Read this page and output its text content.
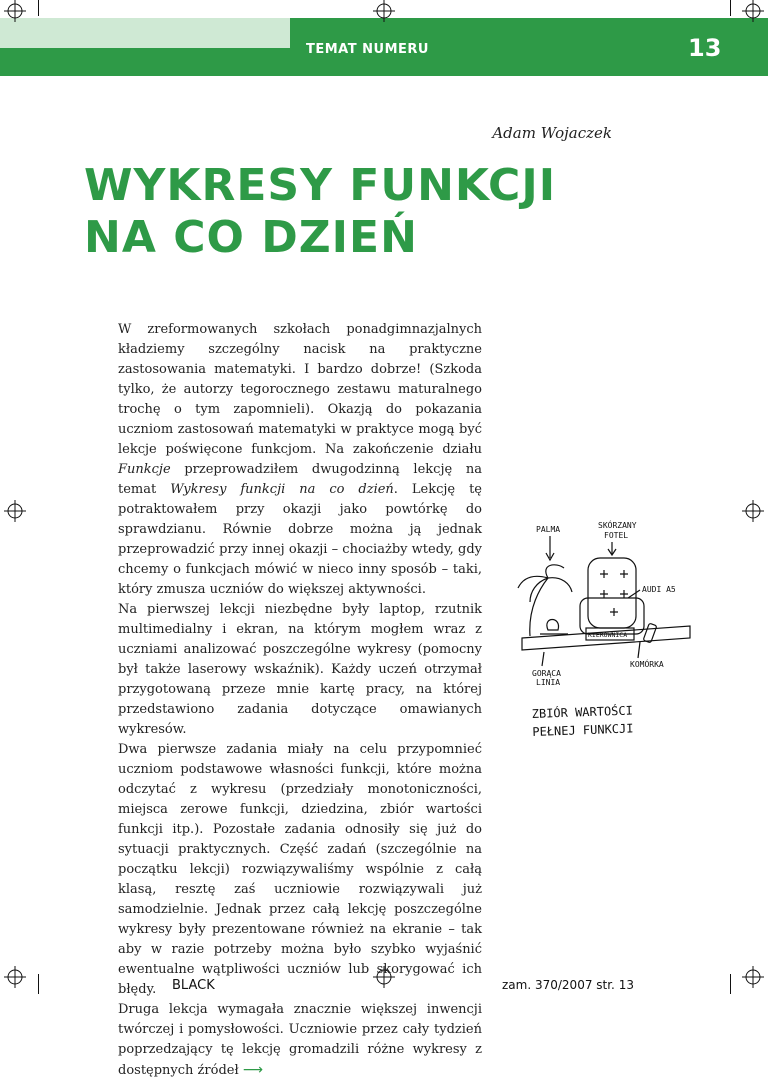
TEMAT NUMERU	13
Adam Wojaczek
WYKRESY FUNKCJI
NA CO DZIEŃ

W zreformowanych szkołach ponadgimnazjalnych kładziemy szczególny nacisk na praktyczne zastosowania matematyki. I bardzo dobrze! (Szkoda tylko, że autorzy tegorocznego zestawu maturalnego trochę o tym zapomnieli). Okazją do pokazania uczniom zastosowań matematyki w praktyce mogą być lekcje poświęcone funkcjom. Na zakończenie działu Funkcje przeprowadziłem dwugodzinną lekcję na temat Wykresy funkcji na co dzień. Lekcję tę potraktowałem przy okazji jako powtórkę do sprawdzianu. Równie dobrze można ją jednak przeprowadzić przy innej okazji – chociażby wtedy, gdy chcemy o funkcjach mówić w nieco inny sposób – taki, który zmusza uczniów do większej aktywności.

Na pierwszej lekcji niezbędne były laptop, rzutnik multimedialny i ekran, na którym mogłem wraz z uczniami analizować poszczególne wykresy (pomocny był także laserowy wskaźnik). Każdy uczeń otrzymał przygotowaną przeze mnie kartę pracy, na której przedstawiono zadania dotyczące omawianych wykresów.

Dwa pierwsze zadania miały na celu przypomnieć uczniom podstawowe własności funkcji, które można odczytać z wykresu (przedziały monotoniczności, miejsca zerowe funkcji, dziedzina, zbiór wartości funkcji itp.). Pozostałe zadania odnosiły się już do sytuacji praktycznych. Część zadań (szczególnie na początku lekcji) rozwiązywaliśmy wspólnie z całą klasą, resztę zaś uczniowie rozwiązywali już samodzielnie. Jednak przez całą lekcję poszczególne wykresy były prezentowane również na ekranie – tak aby w razie potrzeby można było szybko wyjaśnić ewentualne wątpliwości uczniów lub skorygować ich błędy.

Druga lekcja wymagała znacznie większej inwencji twórczej i pomysłowości. Uczniowie przez cały tydzień poprzedzający tę lekcję gromadzili różne wykresy z dostępnych źródeł ⟶

PALMA	SKÓRZANY
FOTEL
AUDI A5
KOMÓRKA
GORĄCA
LINIA
KIEROWNICA
ZBIÓR WARTOŚCI
PEŁNEJ FUNKCJI
BLACK	zam. 370/2007 str. 13
